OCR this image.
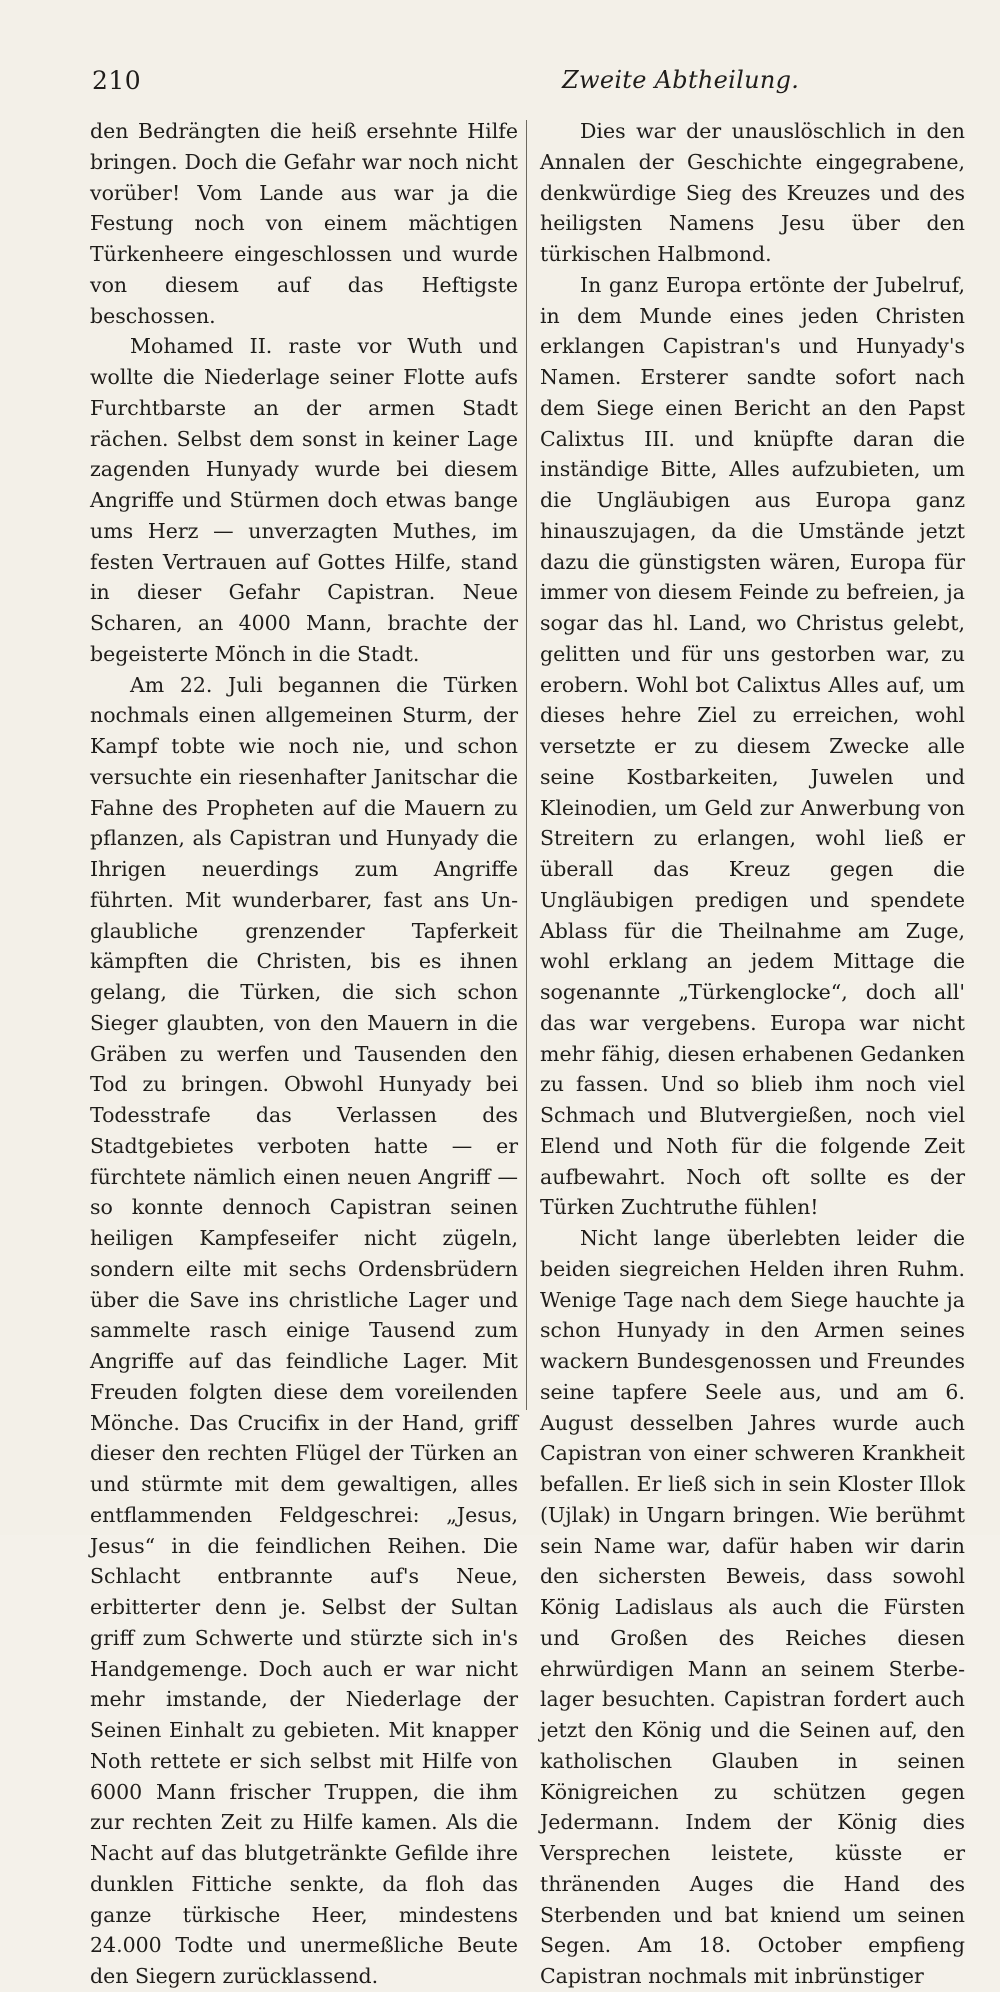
210	Zweite Abtheilung.

den Bedrängten die heiß ersehnte Hilfe bringen. Doch die Gefahr war noch nicht vorüber! Vom Lande aus war ja die Festung noch von einem mächtigen Türkenheere eingeschlossen und wurde von diesem auf das Heftigste beschossen.

Mohamed II. raste vor Wuth und wollte die Niederlage seiner Flotte aufs Furchtbarste an der armen Stadt rächen. Selbst dem sonst in keiner Lage zagenden Hunyady wurde bei diesem Angriffe und Stürmen doch etwas bange ums Herz — unverzagten Muthes, im festen Vertrauen auf Gottes Hilfe, stand in dieser Gefahr Capistran. Neue Scharen, an 4000 Mann, brachte der begeisterte Mönch in die Stadt.

Am 22. Juli begannen die Türken nochmals einen allgemeinen Sturm, der Kampf tobte wie noch nie, und schon versuchte ein riesenhafter Janitschar die Fahne des Propheten auf die Mauern zu pflanzen, als Capistran und Hunyady die Ihrigen neuerdings zum Angriffe führten. Mit wunderbarer, fast ans Unglaubliche grenzender Tapferkeit kämpften die Christen, bis es ihnen gelang, die Türken, die sich schon Sieger glaubten, von den Mauern in die Gräben zu werfen und Tausenden den Tod zu bringen. Obwohl Hunyady bei Todesstrafe das Verlassen des Stadtgebietes verboten hatte — er fürchtete nämlich einen neuen Angriff — so konnte dennoch Capistran seinen heiligen Kampfeseifer nicht zügeln, sondern eilte mit sechs Ordensbrüdern über die Save ins christliche Lager und sammelte rasch einige Tausend zum Angriffe auf das feindliche Lager. Mit Freuden folgten diese dem voreilenden Mönche. Das Crucifix in der Hand, griff dieser den rechten Flügel der Türken an und stürmte mit dem gewaltigen, alles entflammenden Feldgeschrei: „Jesus, Jesus“ in die feindlichen Reihen. Die Schlacht entbrannte auf's Neue, erbitterter denn je. Selbst der Sultan griff zum Schwerte und stürzte sich in's Handgemenge. Doch auch er war nicht mehr imstande, der Niederlage der Seinen Einhalt zu gebieten. Mit knapper Noth rettete er sich selbst mit Hilfe von 6000 Mann frischer Truppen, die ihm zur rechten Zeit zu Hilfe kamen. Als die Nacht auf das blutgetränkte Gefilde ihre dunklen Fittiche senkte, da floh das ganze türkische Heer, mindestens 24.000 Todte und unermeßliche Beute den Siegern zurücklassend.

Dies war der unauslöschlich in den Annalen der Geschichte eingegrabene, denkwürdige Sieg des Kreuzes und des heiligsten Namens Jesu über den türkischen Halbmond.

In ganz Europa ertönte der Jubelruf, in dem Munde eines jeden Christen erklangen Capistran's und Hunyady's Namen. Ersterer sandte sofort nach dem Siege einen Bericht an den Papst Calixtus III. und knüpfte daran die inständige Bitte, Alles aufzubieten, um die Ungläubigen aus Europa ganz hinauszujagen, da die Umstände jetzt dazu die günstigsten wären, Europa für immer von diesem Feinde zu befreien, ja sogar das hl. Land, wo Christus gelebt, gelitten und für uns gestorben war, zu erobern. Wohl bot Calixtus Alles auf, um dieses hehre Ziel zu erreichen, wohl versetzte er zu diesem Zwecke alle seine Kostbarkeiten, Juwelen und Kleinodien, um Geld zur Anwerbung von Streitern zu erlangen, wohl ließ er überall das Kreuz gegen die Ungläubigen predigen und spendete Ablass für die Theilnahme am Zuge, wohl erklang an jedem Mittage die sogenannte „Türkenglocke“, doch all' das war vergebens. Europa war nicht mehr fähig, diesen erhabenen Gedanken zu fassen. Und so blieb ihm noch viel Schmach und Blutvergießen, noch viel Elend und Noth für die folgende Zeit aufbewahrt. Noch oft sollte es der Türken Zuchtruthe fühlen!

Nicht lange überlebten leider die beiden siegreichen Helden ihren Ruhm. Wenige Tage nach dem Siege hauchte ja schon Hunyady in den Armen seines wackern Bundesgenossen und Freundes seine tapfere Seele aus, und am 6. August desselben Jahres wurde auch Capistran von einer schweren Krankheit befallen. Er ließ sich in sein Kloster Illok (Ujlak) in Ungarn bringen. Wie berühmt sein Name war, dafür haben wir darin den sichersten Beweis, dass sowohl König Ladislaus als auch die Fürsten und Großen des Reiches diesen ehrwürdigen Mann an seinem Sterbelager besuchten. Capistran fordert auch jetzt den König und die Seinen auf, den katholischen Glauben in seinen Königreichen zu schützen gegen Jedermann. Indem der König dies Versprechen leistete, küsste er thränenden Auges die Hand des Sterbenden und bat kniend um seinen Segen. Am 18. October empfieng Capistran nochmals mit inbrünstiger
